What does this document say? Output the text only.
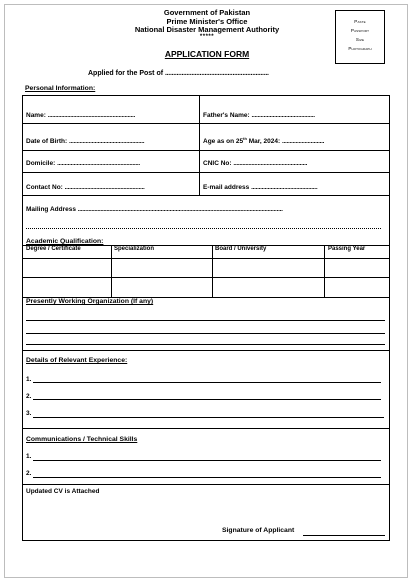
Government of Pakistan
Prime Minister's Office
National Disaster Management Authority
*****
Paste
Passport
Size
Photograph
APPLICATION FORM
Applied for the Post of ...............................................................
Personal Information:
Name: ..........................................................	Father's Name: ..........................................
Date of Birth: ..................................................	Age as on 25th Mar, 2024: ............................
Domicile: .......................................................	CNIC No: .................................................
Contact No: .....................................................	E-mail address ............................................
Mailing Address ........................................................................................................................................
Academic Qualification:
Degree / Certificate	Specialization	Board / University	Passing Year
Presently Working Organization (If any)
Details of Relevant Experience:
1.
2.
3.
Communications / Technical Skills
1.
2.
Updated CV is Attached
Signature of Applicant
